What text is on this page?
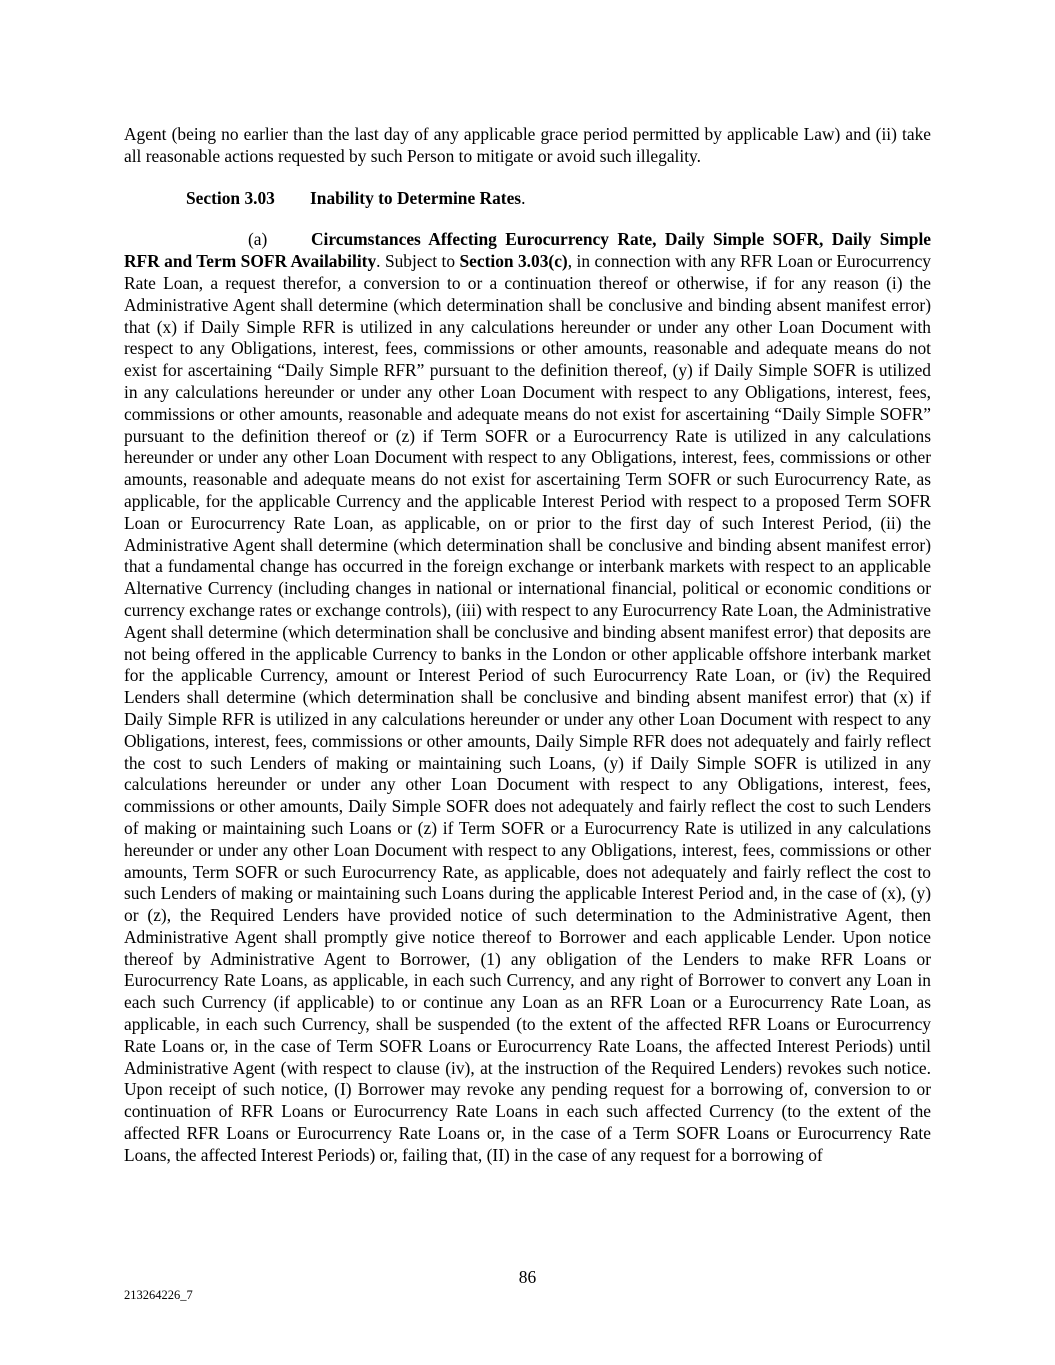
Agent (being no earlier than the last day of any applicable grace period permitted by applicable Law) and (ii) take all reasonable actions requested by such Person to mitigate or avoid such illegality.

Section 3.03 Inability to Determine Rates.

(a)	Circumstances Affecting Eurocurrency Rate, Daily Simple SOFR, Daily Simple RFR and Term SOFR Availability. Subject to Section 3.03(c), in connection with any RFR Loan or Eurocurrency Rate Loan, a request therefor, a conversion to or a continuation thereof or otherwise, if for any reason (i) the Administrative Agent shall determine (which determination shall be conclusive and binding absent manifest error) that (x) if Daily Simple RFR is utilized in any calculations hereunder or under any other Loan Document with respect to any Obligations, interest, fees, commissions or other amounts, reasonable and adequate means do not exist for ascertaining “Daily Simple RFR” pursuant to the definition thereof, (y) if Daily Simple SOFR is utilized in any calculations hereunder or under any other Loan Document with respect to any Obligations, interest, fees, commissions or other amounts, reasonable and adequate means do not exist for ascertaining “Daily Simple SOFR” pursuant to the definition thereof or (z) if Term SOFR or a Eurocurrency Rate is utilized in any calculations hereunder or under any other Loan Document with respect to any Obligations, interest, fees, commissions or other amounts, reasonable and adequate means do not exist for ascertaining Term SOFR or such Eurocurrency Rate, as applicable, for the applicable Currency and the applicable Interest Period with respect to a proposed Term SOFR Loan or Eurocurrency Rate Loan, as applicable, on or prior to the first day of such Interest Period, (ii) the Administrative Agent shall determine (which determination shall be conclusive and binding absent manifest error) that a fundamental change has occurred in the foreign exchange or interbank markets with respect to an applicable Alternative Currency (including changes in national or international financial, political or economic conditions or currency exchange rates or exchange controls), (iii) with respect to any Eurocurrency Rate Loan, the Administrative Agent shall determine (which determination shall be conclusive and binding absent manifest error) that deposits are not being offered in the applicable Currency to banks in the London or other applicable offshore interbank market for the applicable Currency, amount or Interest Period of such Eurocurrency Rate Loan, or (iv) the Required Lenders shall determine (which determination shall be conclusive and binding absent manifest error) that (x) if Daily Simple RFR is utilized in any calculations hereunder or under any other Loan Document with respect to any Obligations, interest, fees, commissions or other amounts, Daily Simple RFR does not adequately and fairly reflect the cost to such Lenders of making or maintaining such Loans, (y) if Daily Simple SOFR is utilized in any calculations hereunder or under any other Loan Document with respect to any Obligations, interest, fees, commissions or other amounts, Daily Simple SOFR does not adequately and fairly reflect the cost to such Lenders of making or maintaining such Loans or (z) if Term SOFR or a Eurocurrency Rate is utilized in any calculations hereunder or under any other Loan Document with respect to any Obligations, interest, fees, commissions or other amounts, Term SOFR or such Eurocurrency Rate, as applicable, does not adequately and fairly reflect the cost to such Lenders of making or maintaining such Loans during the applicable Interest Period and, in the case of (x), (y) or (z), the Required Lenders have provided notice of such determination to the Administrative Agent, then Administrative Agent shall promptly give notice thereof to Borrower and each applicable Lender. Upon notice thereof by Administrative Agent to Borrower, (1) any obligation of the Lenders to make RFR Loans or Eurocurrency Rate Loans, as applicable, in each such Currency, and any right of Borrower to convert any Loan in each such Currency (if applicable) to or continue any Loan as an RFR Loan or a Eurocurrency Rate Loan, as applicable, in each such Currency, shall be suspended (to the extent of the affected RFR Loans or Eurocurrency Rate Loans or, in the case of Term SOFR Loans or Eurocurrency Rate Loans, the affected Interest Periods) until Administrative Agent (with respect to clause (iv), at the instruction of the Required Lenders) revokes such notice. Upon receipt of such notice, (I) Borrower may revoke any pending request for a borrowing of, conversion to or continuation of RFR Loans or Eurocurrency Rate Loans in each such affected Currency (to the extent of the affected RFR Loans or Eurocurrency Rate Loans or, in the case of a Term SOFR Loans or Eurocurrency Rate Loans, the affected Interest Periods) or, failing that, (II) in the case of any request for a borrowing of

86
213264226_7
